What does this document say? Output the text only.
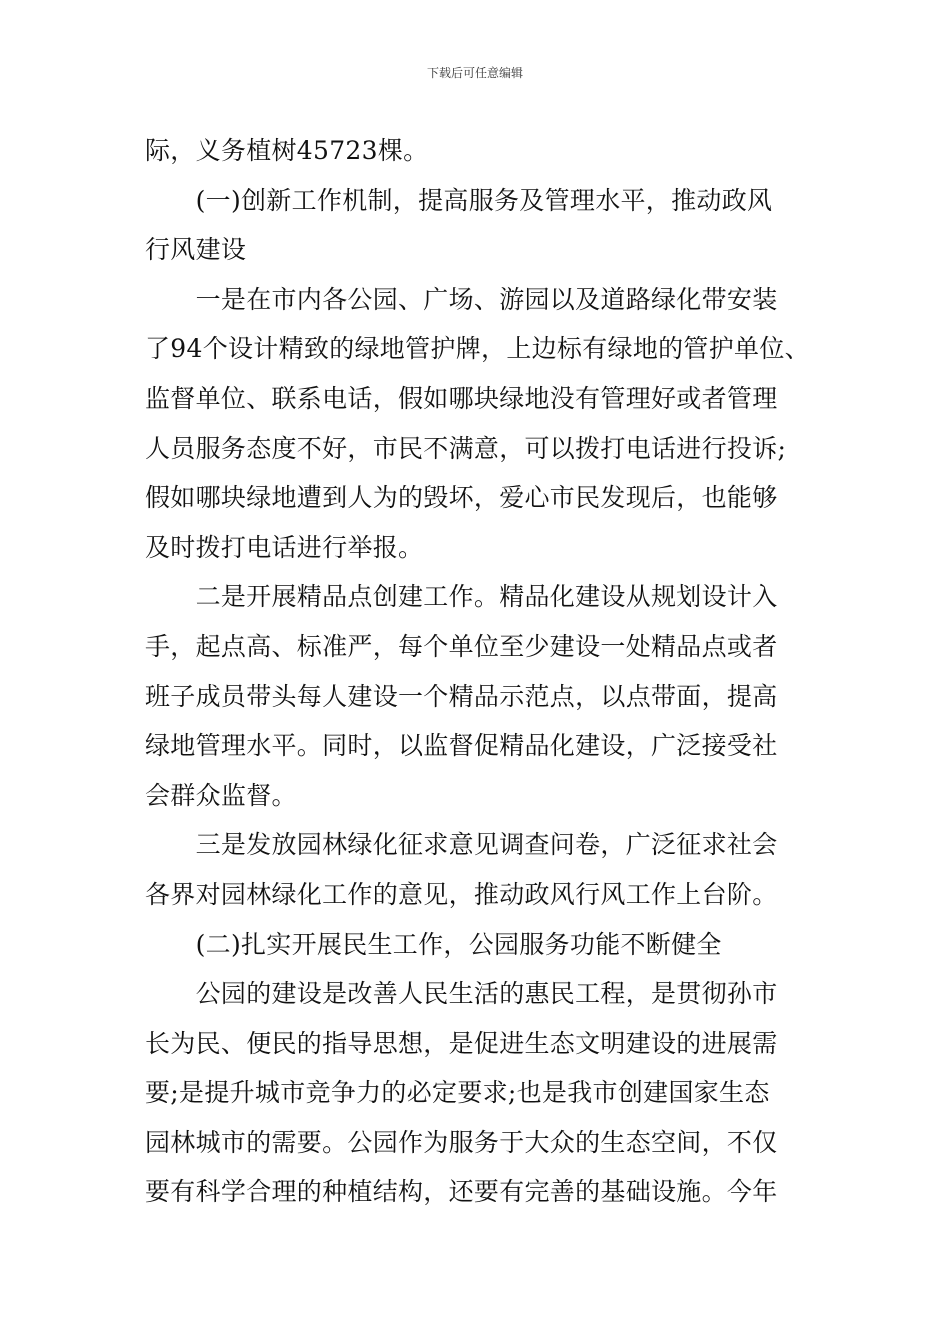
下载后可任意编辑

际，义务植树45723棵。

　　(一)创新工作机制，提高服务及管理水平，推动政风
行风建设

　　一是在市内各公园、广场、游园以及道路绿化带安装
了94个设计精致的绿地管护牌，上边标有绿地的管护单位、
监督单位、联系电话，假如哪块绿地没有管理好或者管理
人员服务态度不好，市民不满意，可以拨打电话进行投诉;
假如哪块绿地遭到人为的毁坏，爱心市民发现后，也能够
及时拨打电话进行举报。

　　二是开展精品点创建工作。精品化建设从规划设计入
手，起点高、标准严，每个单位至少建设一处精品点或者
班子成员带头每人建设一个精品示范点，以点带面，提高
绿地管理水平。同时，以监督促精品化建设，广泛接受社
会群众监督。

　　三是发放园林绿化征求意见调查问卷，广泛征求社会
各界对园林绿化工作的意见，推动政风行风工作上台阶。

　　(二)扎实开展民生工作，公园服务功能不断健全

　　公园的建设是改善人民生活的惠民工程，是贯彻孙市
长为民、便民的指导思想，是促进生态文明建设的进展需
要;是提升城市竞争力的必定要求;也是我市创建国家生态
园林城市的需要。公园作为服务于大众的生态空间，不仅
要有科学合理的种植结构，还要有完善的基础设施。今年
